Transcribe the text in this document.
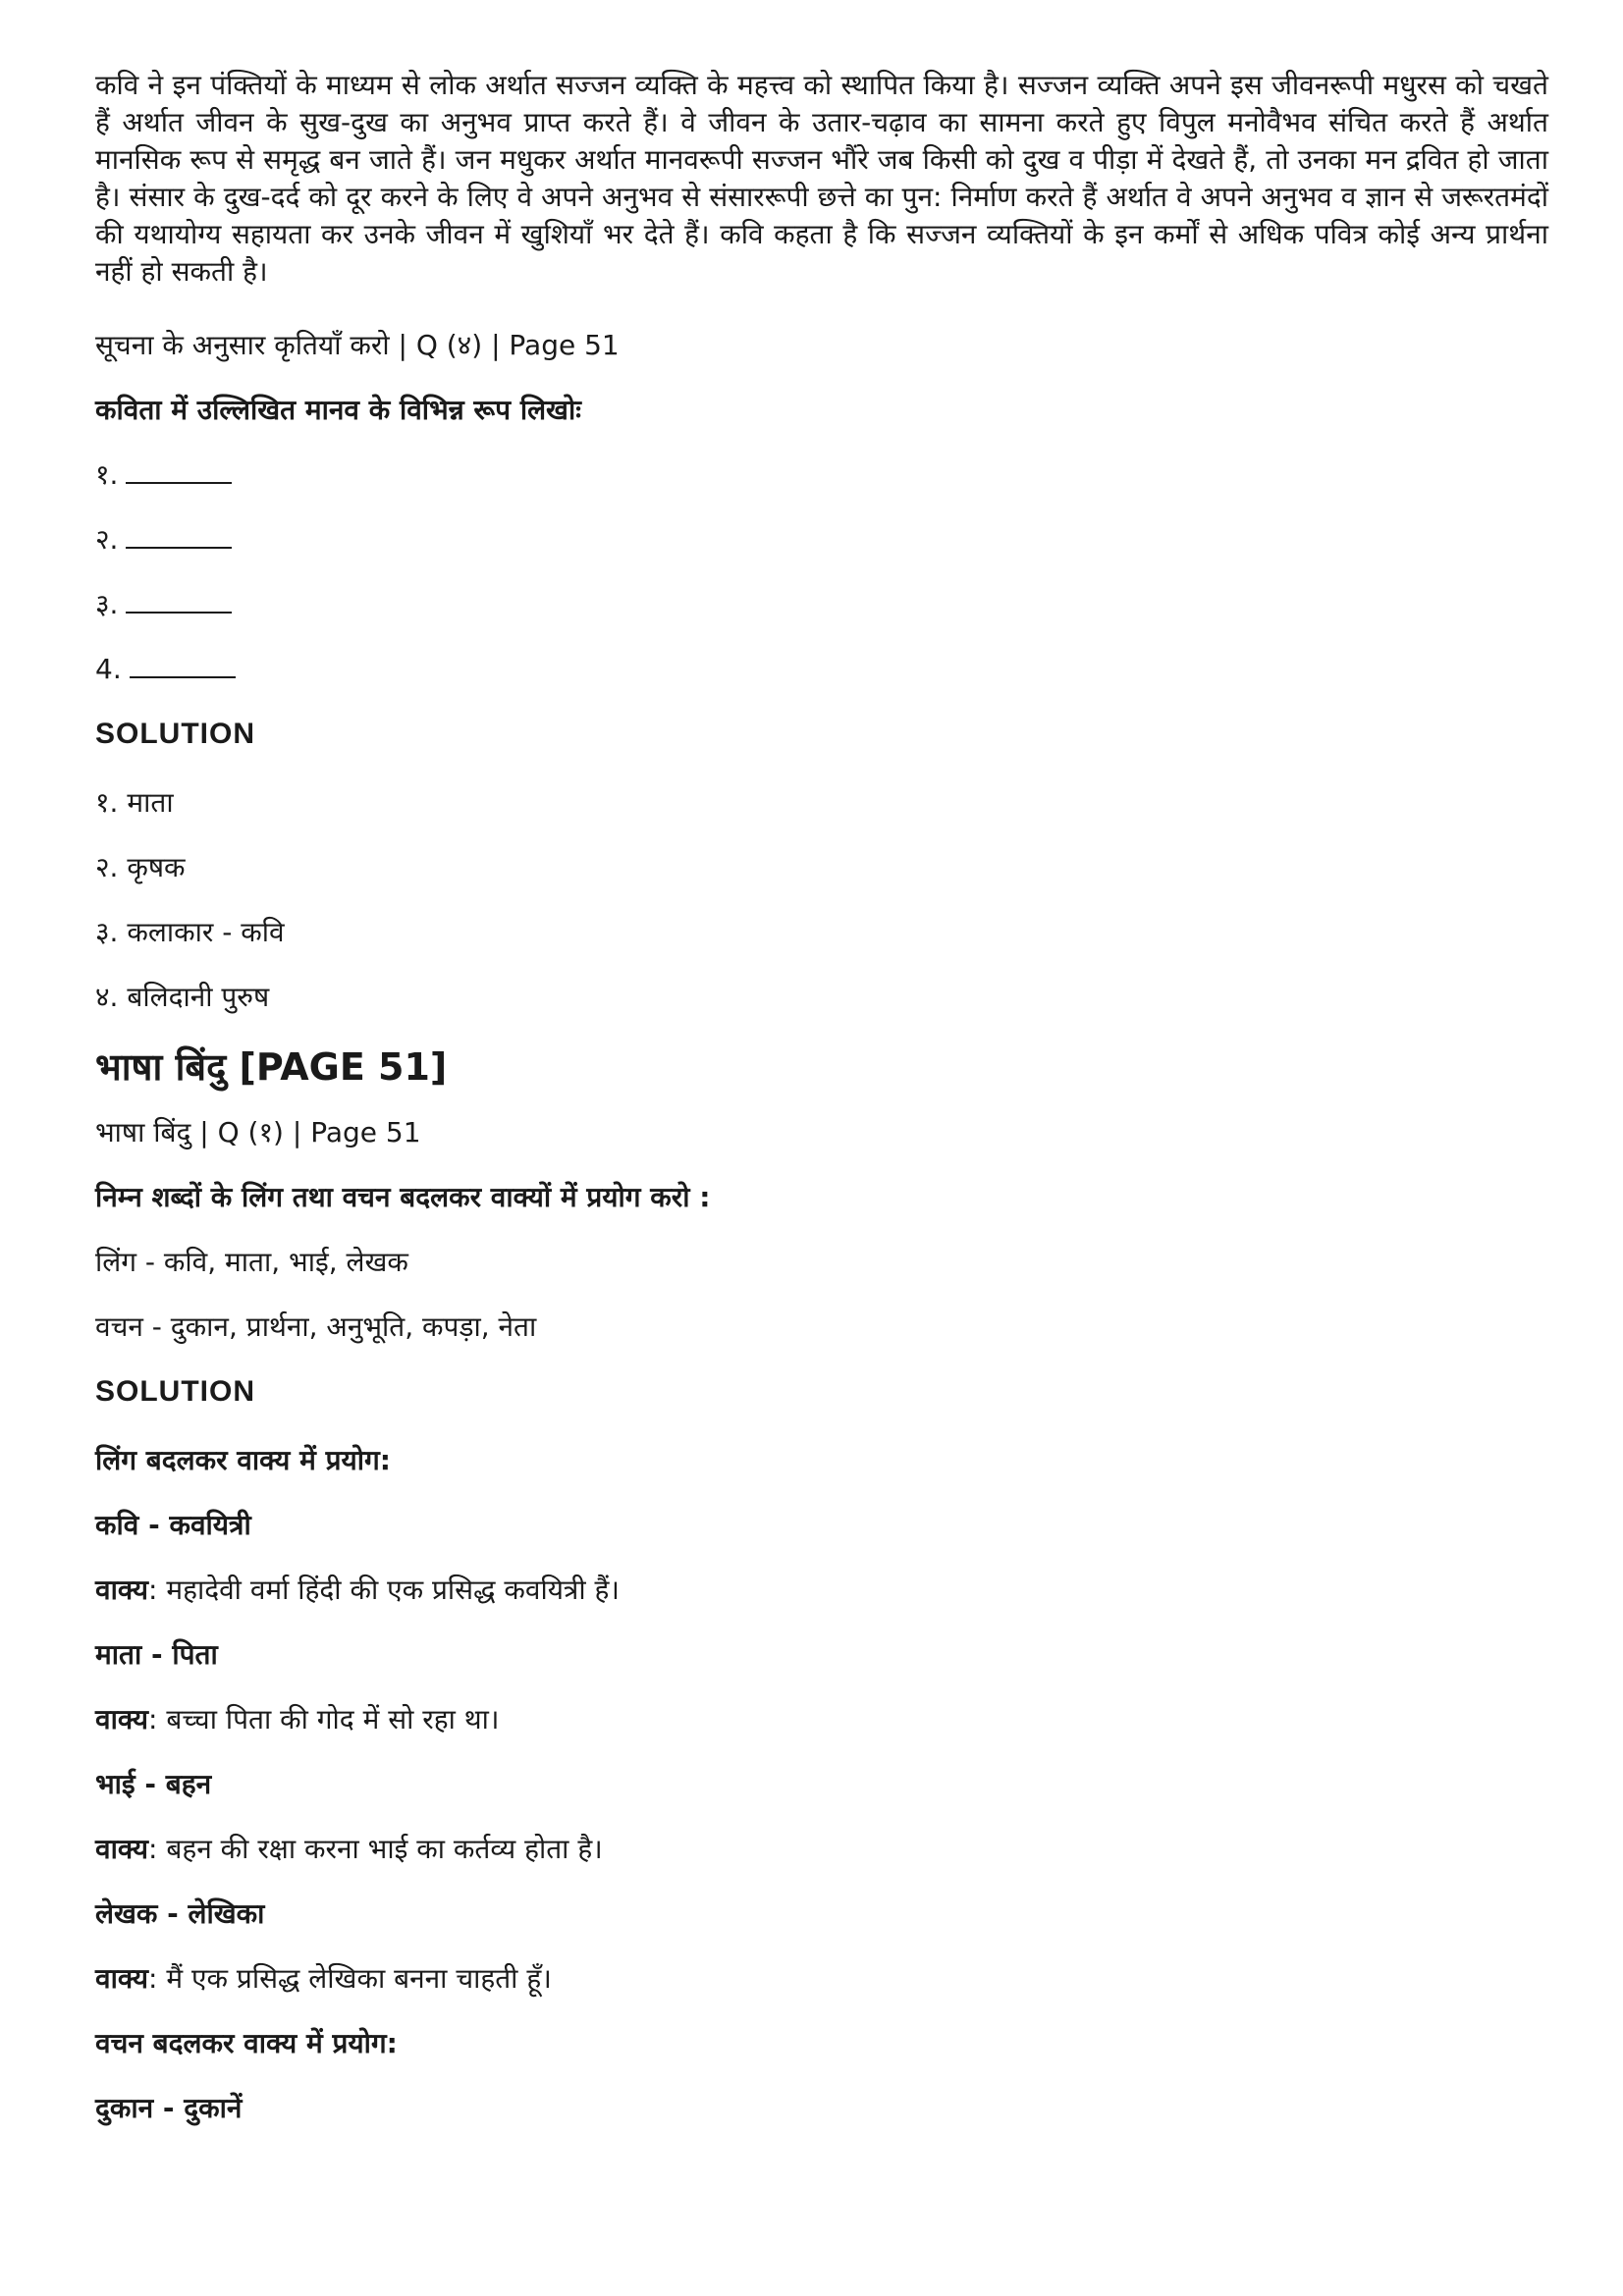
कवि ने इन पंक्तियों के माध्यम से लोक अर्थात सज्जन व्यक्ति के महत्त्व को स्थापित किया है। सज्जन व्यक्ति अपने इस जीवनरूपी मधुरस को चखते हैं अर्थात जीवन के सुख-दुख का अनुभव प्राप्त करते हैं। वे जीवन के उतार-चढ़ाव का सामना करते हुए विपुल मनोवैभव संचित करते हैं अर्थात मानसिक रूप से समृद्ध बन जाते हैं। जन मधुकर अर्थात मानवरूपी सज्जन भौंरे जब किसी को दुख व पीड़ा में देखते हैं, तो उनका मन द्रवित हो जाता है। संसार के दुख-दर्द को दूर करने के लिए वे अपने अनुभव से संसाररूपी छत्ते का पुन: निर्माण करते हैं अर्थात वे अपने अनुभव व ज्ञान से जरूरतमंदों की यथायोग्य सहायता कर उनके जीवन में खुशियाँ भर देते हैं। कवि कहता है कि सज्जन व्यक्तियों के इन कर्मों से अधिक पवित्र कोई अन्य प्रार्थना नहीं हो सकती है।

सूचना के अनुसार कृतियाँ करो | Q (४) | Page 51
कविता में उल्लिखित मानव के विभिन्न रूप लिखोः
१.
२.
३.
4.
SOLUTION
१. माता
२. कृषक
३. कलाकार - कवि
४. बलिदानी पुरुष
भाषा बिंदु [PAGE 51]
भाषा बिंदु | Q (१) | Page 51
निम्न शब्दों के लिंग तथा वचन बदलकर वाक्यों में प्रयोग करो :
लिंग - कवि, माता, भाई, लेखक
वचन - दुकान, प्रार्थना, अनुभूति, कपड़ा, नेता
SOLUTION
लिंग बदलकर वाक्य में प्रयोग:
कवि - कवयित्री
वाक्य: महादेवी वर्मा हिंदी की एक प्रसिद्ध कवयित्री हैं।
माता - पिता
वाक्य: बच्चा पिता की गोद में सो रहा था।
भाई - बहन
वाक्य: बहन की रक्षा करना भाई का कर्तव्य होता है।
लेखक - लेखिका
वाक्य: मैं एक प्रसिद्ध लेखिका बनना चाहती हूँ।
वचन बदलकर वाक्य में प्रयोग:
दुकान - दुकानें
